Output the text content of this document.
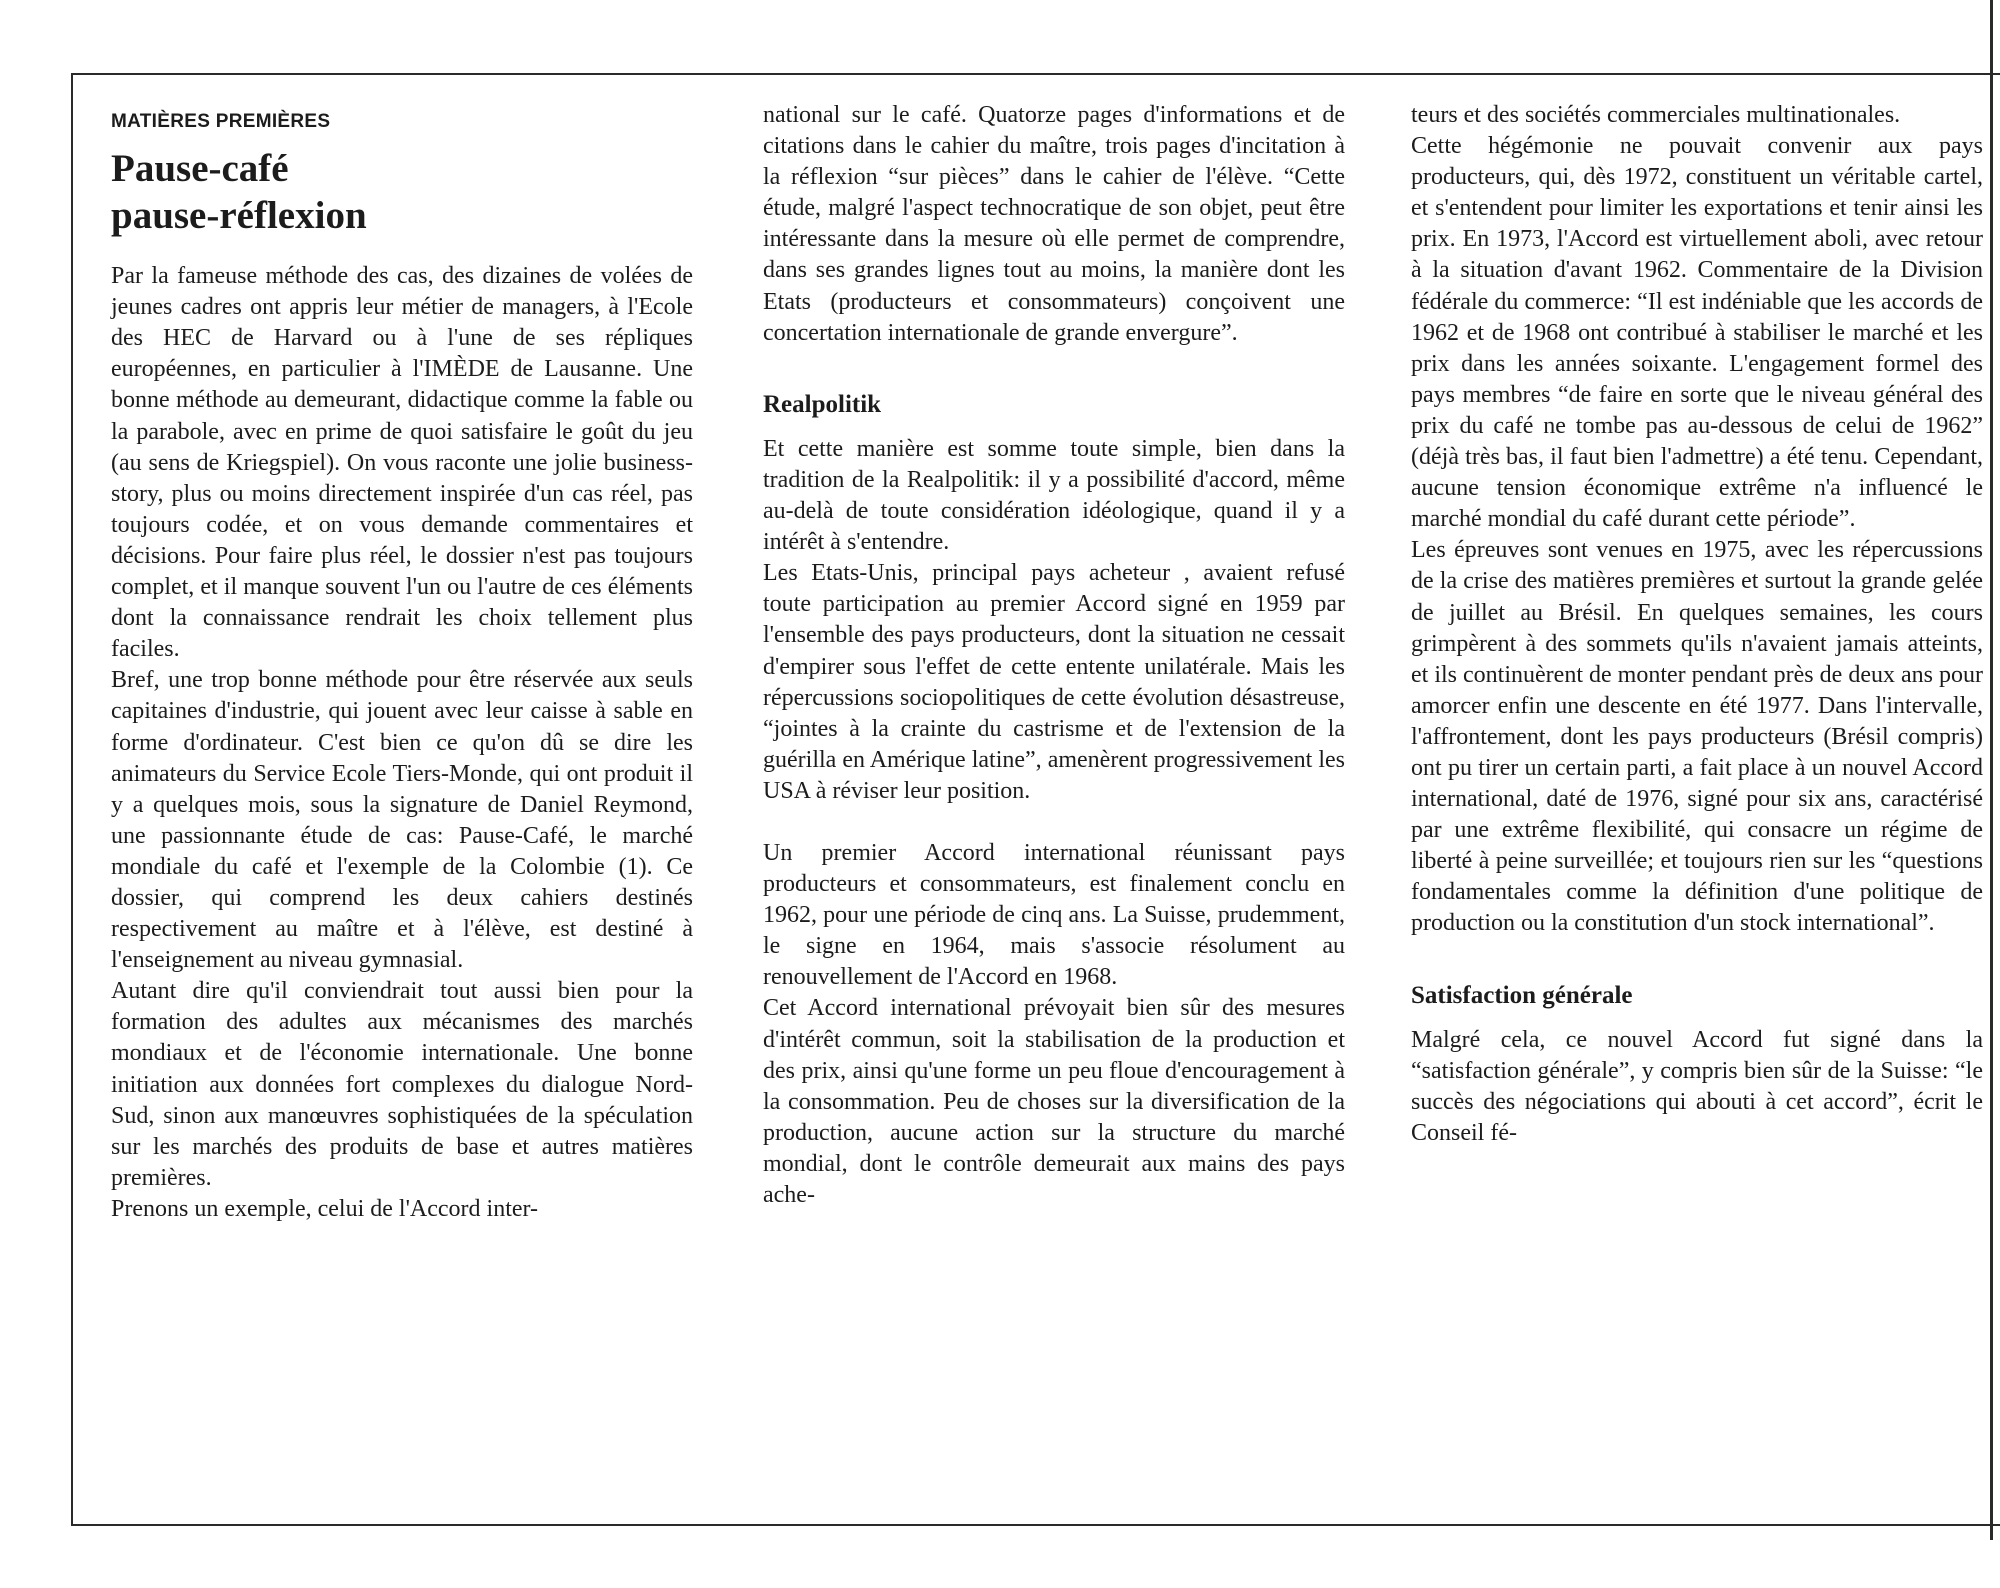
MATIÈRES PREMIÈRES
Pause-café
pause-réflexion

Par la fameuse méthode des cas, des dizaines de volées de jeunes cadres ont appris leur métier de managers, à l'Ecole des HEC de Harvard ou à l'une de ses répliques européennes, en particulier à l'IMÈDE de Lausanne. Une bonne méthode au demeurant, didactique comme la fable ou la parabole, avec en prime de quoi satisfaire le goût du jeu (au sens de Kriegspiel). On vous raconte une jolie business-story, plus ou moins directement inspirée d'un cas réel, pas toujours codée, et on vous demande commentaires et décisions. Pour faire plus réel, le dossier n'est pas toujours complet, et il manque souvent l'un ou l'autre de ces éléments dont la connaissance rendrait les choix tellement plus faciles.

Bref, une trop bonne méthode pour être réservée aux seuls capitaines d'industrie, qui jouent avec leur caisse à sable en forme d'ordinateur. C'est bien ce qu'on dû se dire les animateurs du Service Ecole Tiers-Monde, qui ont produit il y a quelques mois, sous la signature de Daniel Reymond, une passionnante étude de cas: Pause-Café, le marché mondiale du café et l'exemple de la Colombie (1). Ce dossier, qui comprend les deux cahiers destinés respectivement au maître et à l'élève, est destiné à l'enseignement au niveau gymnasial.

Autant dire qu'il conviendrait tout aussi bien pour la formation des adultes aux mécanismes des marchés mondiaux et de l'économie internationale. Une bonne initiation aux données fort complexes du dialogue Nord-Sud, sinon aux manœuvres sophistiquées de la spéculation sur les marchés des produits de base et autres matières premières.

Prenons un exemple, celui de l'Accord inter-

national sur le café. Quatorze pages d'informations et de citations dans le cahier du maître, trois pages d'incitation à la réflexion “sur pièces” dans le cahier de l'élève. “Cette étude, malgré l'aspect technocratique de son objet, peut être intéressante dans la mesure où elle permet de comprendre, dans ses grandes lignes tout au moins, la manière dont les Etats (producteurs et consommateurs) conçoivent une concertation internationale de grande envergure”.

Realpolitik

Et cette manière est somme toute simple, bien dans la tradition de la Realpolitik: il y a possibilité d'accord, même au-delà de toute considération idéologique, quand il y a intérêt à s'entendre.

Les Etats-Unis, principal pays acheteur , avaient refusé toute participation au premier Accord signé en 1959 par l'ensemble des pays producteurs, dont la situation ne cessait d'empirer sous l'effet de cette entente unilatérale. Mais les répercussions sociopolitiques de cette évolution désastreuse, “jointes à la crainte du castrisme et de l'extension de la guérilla en Amérique latine”, amenèrent progressivement les USA à réviser leur position.

Un premier Accord international réunissant pays producteurs et consommateurs, est finalement conclu en 1962, pour une période de cinq ans. La Suisse, prudemment, le signe en 1964, mais s'associe résolument au renouvellement de l'Accord en 1968.

Cet Accord international prévoyait bien sûr des mesures d'intérêt commun, soit la stabilisation de la production et des prix, ainsi qu'une forme un peu floue d'encouragement à la consommation. Peu de choses sur la diversification de la production, aucune action sur la structure du marché mondial, dont le contrôle demeurait aux mains des pays ache-

teurs et des sociétés commerciales multinationales.

Cette hégémonie ne pouvait convenir aux pays producteurs, qui, dès 1972, constituent un véritable cartel, et s'entendent pour limiter les exportations et tenir ainsi les prix. En 1973, l'Accord est virtuellement aboli, avec retour à la situation d'avant 1962. Commentaire de la Division fédérale du commerce: “Il est indéniable que les accords de 1962 et de 1968 ont contribué à stabiliser le marché et les prix dans les années soixante. L'engagement formel des pays membres “de faire en sorte que le niveau général des prix du café ne tombe pas au-dessous de celui de 1962” (déjà très bas, il faut bien l'admettre) a été tenu. Cependant, aucune tension économique extrême n'a influencé le marché mondial du café durant cette période”.

Les épreuves sont venues en 1975, avec les répercussions de la crise des matières premières et surtout la grande gelée de juillet au Brésil. En quelques semaines, les cours grimpèrent à des sommets qu'ils n'avaient jamais atteints, et ils continuèrent de monter pendant près de deux ans pour amorcer enfin une descente en été 1977. Dans l'intervalle, l'affrontement, dont les pays producteurs (Brésil compris) ont pu tirer un certain parti, a fait place à un nouvel Accord international, daté de 1976, signé pour six ans, caractérisé par une extrême flexibilité, qui consacre un régime de liberté à peine surveillée; et toujours rien sur les “questions fondamentales comme la définition d'une politique de production ou la constitution d'un stock international”.

Satisfaction générale

Malgré cela, ce nouvel Accord fut signé dans la “satisfaction générale”, y compris bien sûr de la Suisse: “le succès des négociations qui abouti à cet accord”, écrit le Conseil fé-
